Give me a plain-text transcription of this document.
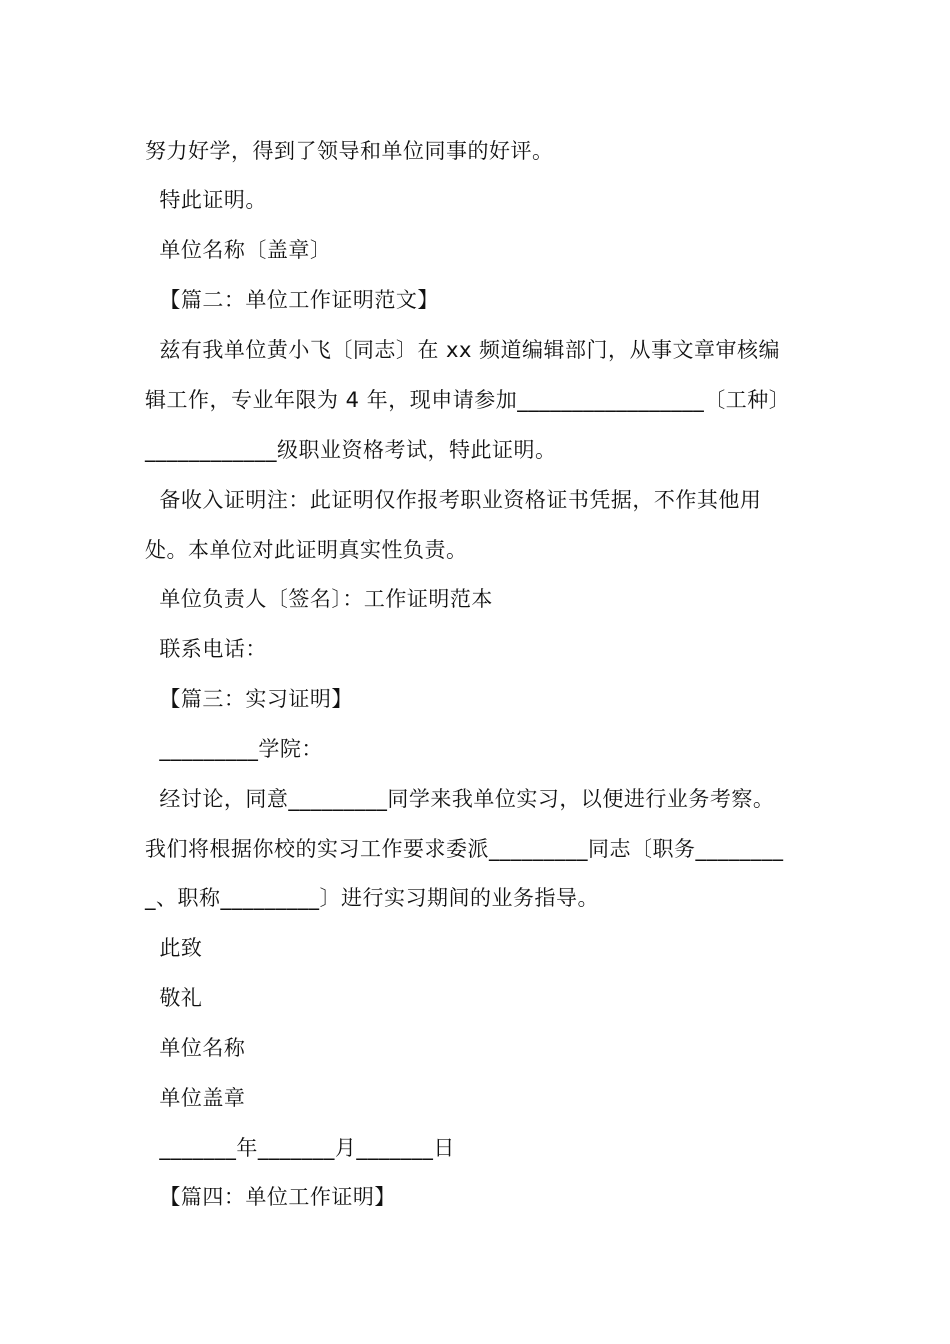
努力好学，得到了领导和单位同事的好评。

特此证明。

单位名称〔盖章〕

【篇二：单位工作证明范文】

兹有我单位黄小飞〔同志〕在 xx 频道编辑部门，从事文章审核编

辑工作，专业年限为 4 年，现申请参加_________________〔工种〕

____________级职业资格考试，特此证明。

备收入证明注：此证明仅作报考职业资格证书凭据，不作其他用

处。本单位对此证明真实性负责。

单位负责人〔签名〕：工作证明范本

联系电话：

【篇三：实习证明】

_________学院：

经讨论，同意_________同学来我单位实习，以便进行业务考察。

我们将根据你校的实习工作要求委派_________同志〔职务________

_、职称_________〕进行实习期间的业务指导。

此致

敬礼

单位名称

单位盖章

_______年_______月_______日

【篇四：单位工作证明】
